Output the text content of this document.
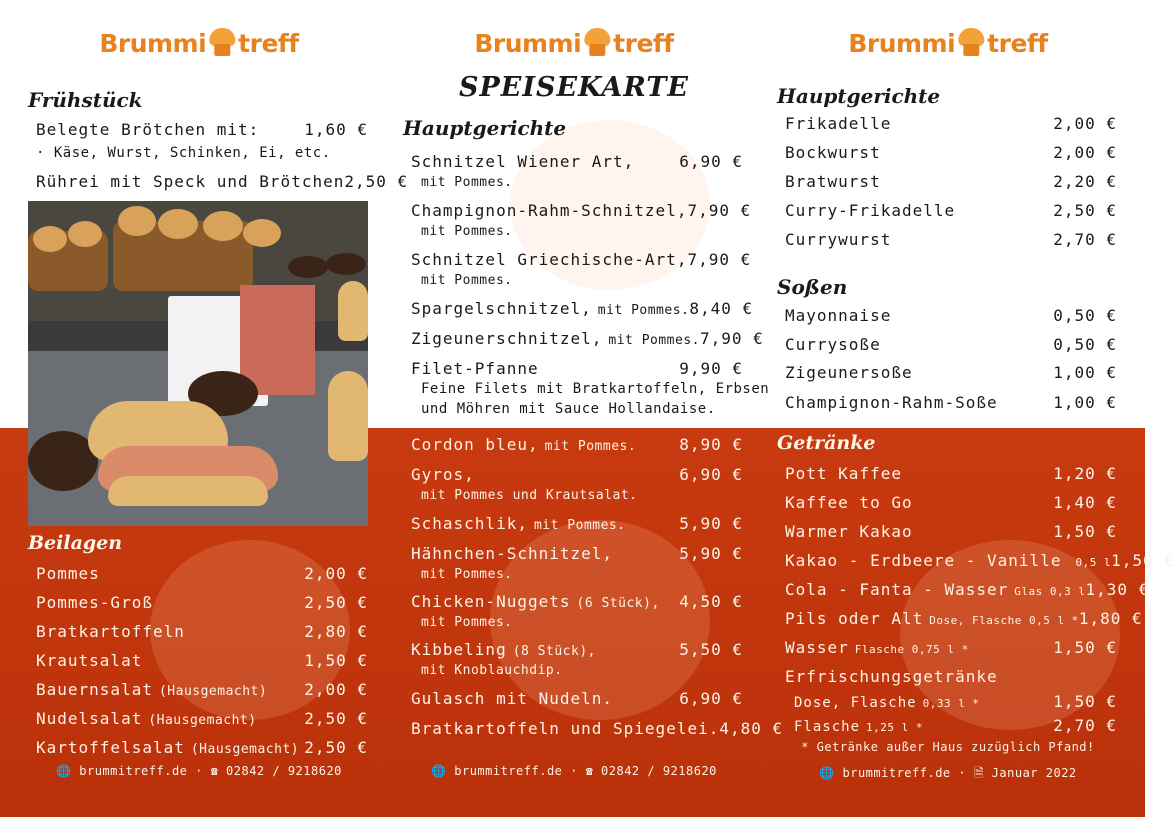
Brummi treff
Frühstück
Belegte Brötchen mit:	1,60 €
· Käse, Wurst, Schinken, Ei, etc.
Rührei mit Speck und Brötchen 2,50 €
Beilagen
Pommes	2,00 €
Pommes-Groß	2,50 €
Bratkartoffeln	2,80 €
Krautsalat	1,50 €
Bauernsalat (Hausgemacht) 2,00 €
Nudelsalat (Hausgemacht)	2,50 €
Kartoffelsalat (Hausgemacht) 2,50 €
🌐 brummitreff.de · ☎ 02842 / 9218620
Brummi treff
SPEISEKARTE
Hauptgerichte
Schnitzel Wiener Art,	6,90 €
mit Pommes.
Champignon-Rahm-Schnitzel, 7,90 €
mit Pommes.
Schnitzel Griechische-Art, 7,90 €
mit Pommes.
Spargelschnitzel, mit Pommes. 8,40 €
Zigeunerschnitzel, mit Pommes. 7,90 €
Filet-Pfanne	9,90 €
Feine Filets mit Bratkartoffeln, Erbsen
und Möhren mit Sauce Hollandaise.
Cordon bleu, mit Pommes.	8,90 €
Gyros,	6,90 €
mit Pommes und Krautsalat.
Schaschlik, mit Pommes.	5,90 €
Hähnchen-Schnitzel,	5,90 €
mit Pommes.
Chicken-Nuggets (6 Stück), 4,50 €
mit Pommes.
Kibbeling (8 Stück),	5,50 €
mit Knoblauchdip.
Gulasch mit Nudeln.	6,90 €
Bratkartoffeln und Spiegelei. 4,80 €
🌐 brummitreff.de · ☎ 02842 / 9218620
Brummi treff
Hauptgerichte
Frikadelle	2,00 €
Bockwurst	2,00 €
Bratwurst	2,20 €
Curry-Frikadelle	2,50 €
Currywurst	2,70 €
Soßen
Mayonnaise	0,50 €
Currysoße	0,50 €
Zigeunersoße	1,00 €
Champignon-Rahm-Soße	1,00 €
Getränke
Pott Kaffee	1,20 €
Kaffee to Go	1,40 €
Warmer Kakao	1,50 €
Kakao - Erdbeere - Vanille 0,5 l 1,50 €
Cola - Fanta - Wasser Glas 0,3 l 1,30 €
Pils oder Alt Dose, Flasche 0,5 l * 1,80 €
Wasser Flasche 0,75 l *	1,50 €
Erfrischungsgetränke
Dose, Flasche 0,33 l *	1,50 €
Flasche 1,25 l *	2,70 €
* Getränke außer Haus zuzüglich Pfand!
🌐 brummitreff.de · 🗎 Januar 2022
